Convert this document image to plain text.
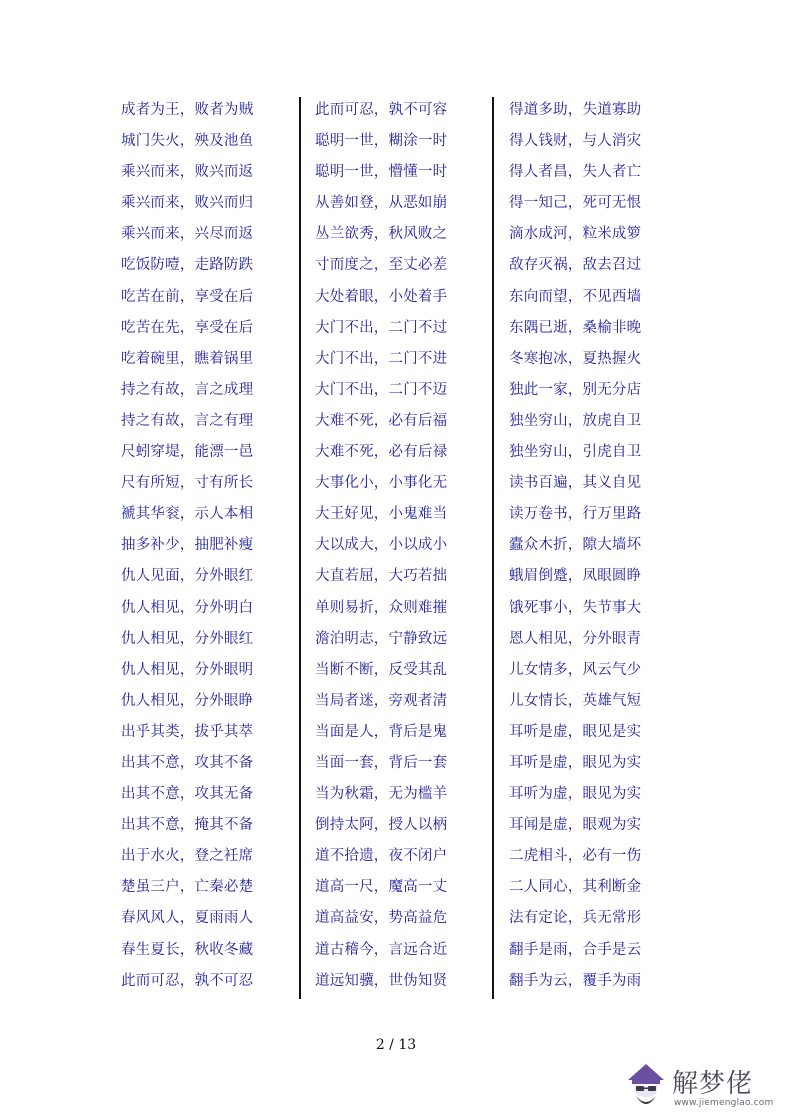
成者为王，败者为贼
城门失火，殃及池鱼
乘兴而来，败兴而返
乘兴而来，败兴而归
乘兴而来，兴尽而返
吃饭防噎，走路防跌
吃苦在前，享受在后
吃苦在先，享受在后
吃着碗里，瞧着锅里
持之有故，言之成理
持之有故，言之有理
尺蚓穿堤，能漂一邑
尺有所短，寸有所长
褫其华衮，示人本相
抽多补少，抽肥补瘦
仇人见面，分外眼红
仇人相见，分外明白
仇人相见，分外眼红
仇人相见，分外眼明
仇人相见，分外眼睁
出乎其类，拔乎其萃
出其不意，攻其不备
出其不意，攻其无备
出其不意，掩其不备
出于水火，登之衽席
楚虽三户，亡秦必楚
春风风人，夏雨雨人
春生夏长，秋收冬藏
此而可忍，孰不可忍
此而可忍，孰不可容
聪明一世，糊涂一时
聪明一世，懵懂一时
从善如登，从恶如崩
丛兰欲秀，秋风败之
寸而度之，至丈必差
大处着眼，小处着手
大门不出，二门不过
大门不出，二门不进
大门不出，二门不迈
大难不死，必有后福
大难不死，必有后禄
大事化小，小事化无
大王好见，小鬼难当
大以成大，小以成小
大直若屈，大巧若拙
单则易折，众则难摧
澹泊明志，宁静致远
当断不断，反受其乱
当局者迷，旁观者清
当面是人，背后是鬼
当面一套，背后一套
当为秋霜，无为槛羊
倒持太阿，授人以柄
道不拾遗，夜不闭户
道高一尺，魔高一丈
道高益安，势高益危
道古稽今，言远合近
道远知骥，世伪知贤
得道多助，失道寡助
得人钱财，与人消灾
得人者昌，失人者亡
得一知己，死可无恨
滴水成河，粒米成箩
敌存灭祸，敌去召过
东向而望，不见西墙
东隅已逝，桑榆非晚
冬寒抱冰，夏热握火
独此一家，别无分店
独坐穷山，放虎自卫
独坐穷山，引虎自卫
读书百遍，其义自见
读万卷书，行万里路
蠹众木折，隙大墙坏
蛾眉倒蹙，凤眼圆睁
饿死事小，失节事大
恩人相见，分外眼青
儿女情多，风云气少
儿女情长，英雄气短
耳听是虚，眼见是实
耳听是虚，眼见为实
耳听为虚，眼见为实
耳闻是虚，眼观为实
二虎相斗，必有一伤
二人同心，其利断金
法有定论，兵无常形
翻手是雨，合手是云
翻手为云，覆手为雨
2 / 13
解梦佬
www.jiemenglao.com
